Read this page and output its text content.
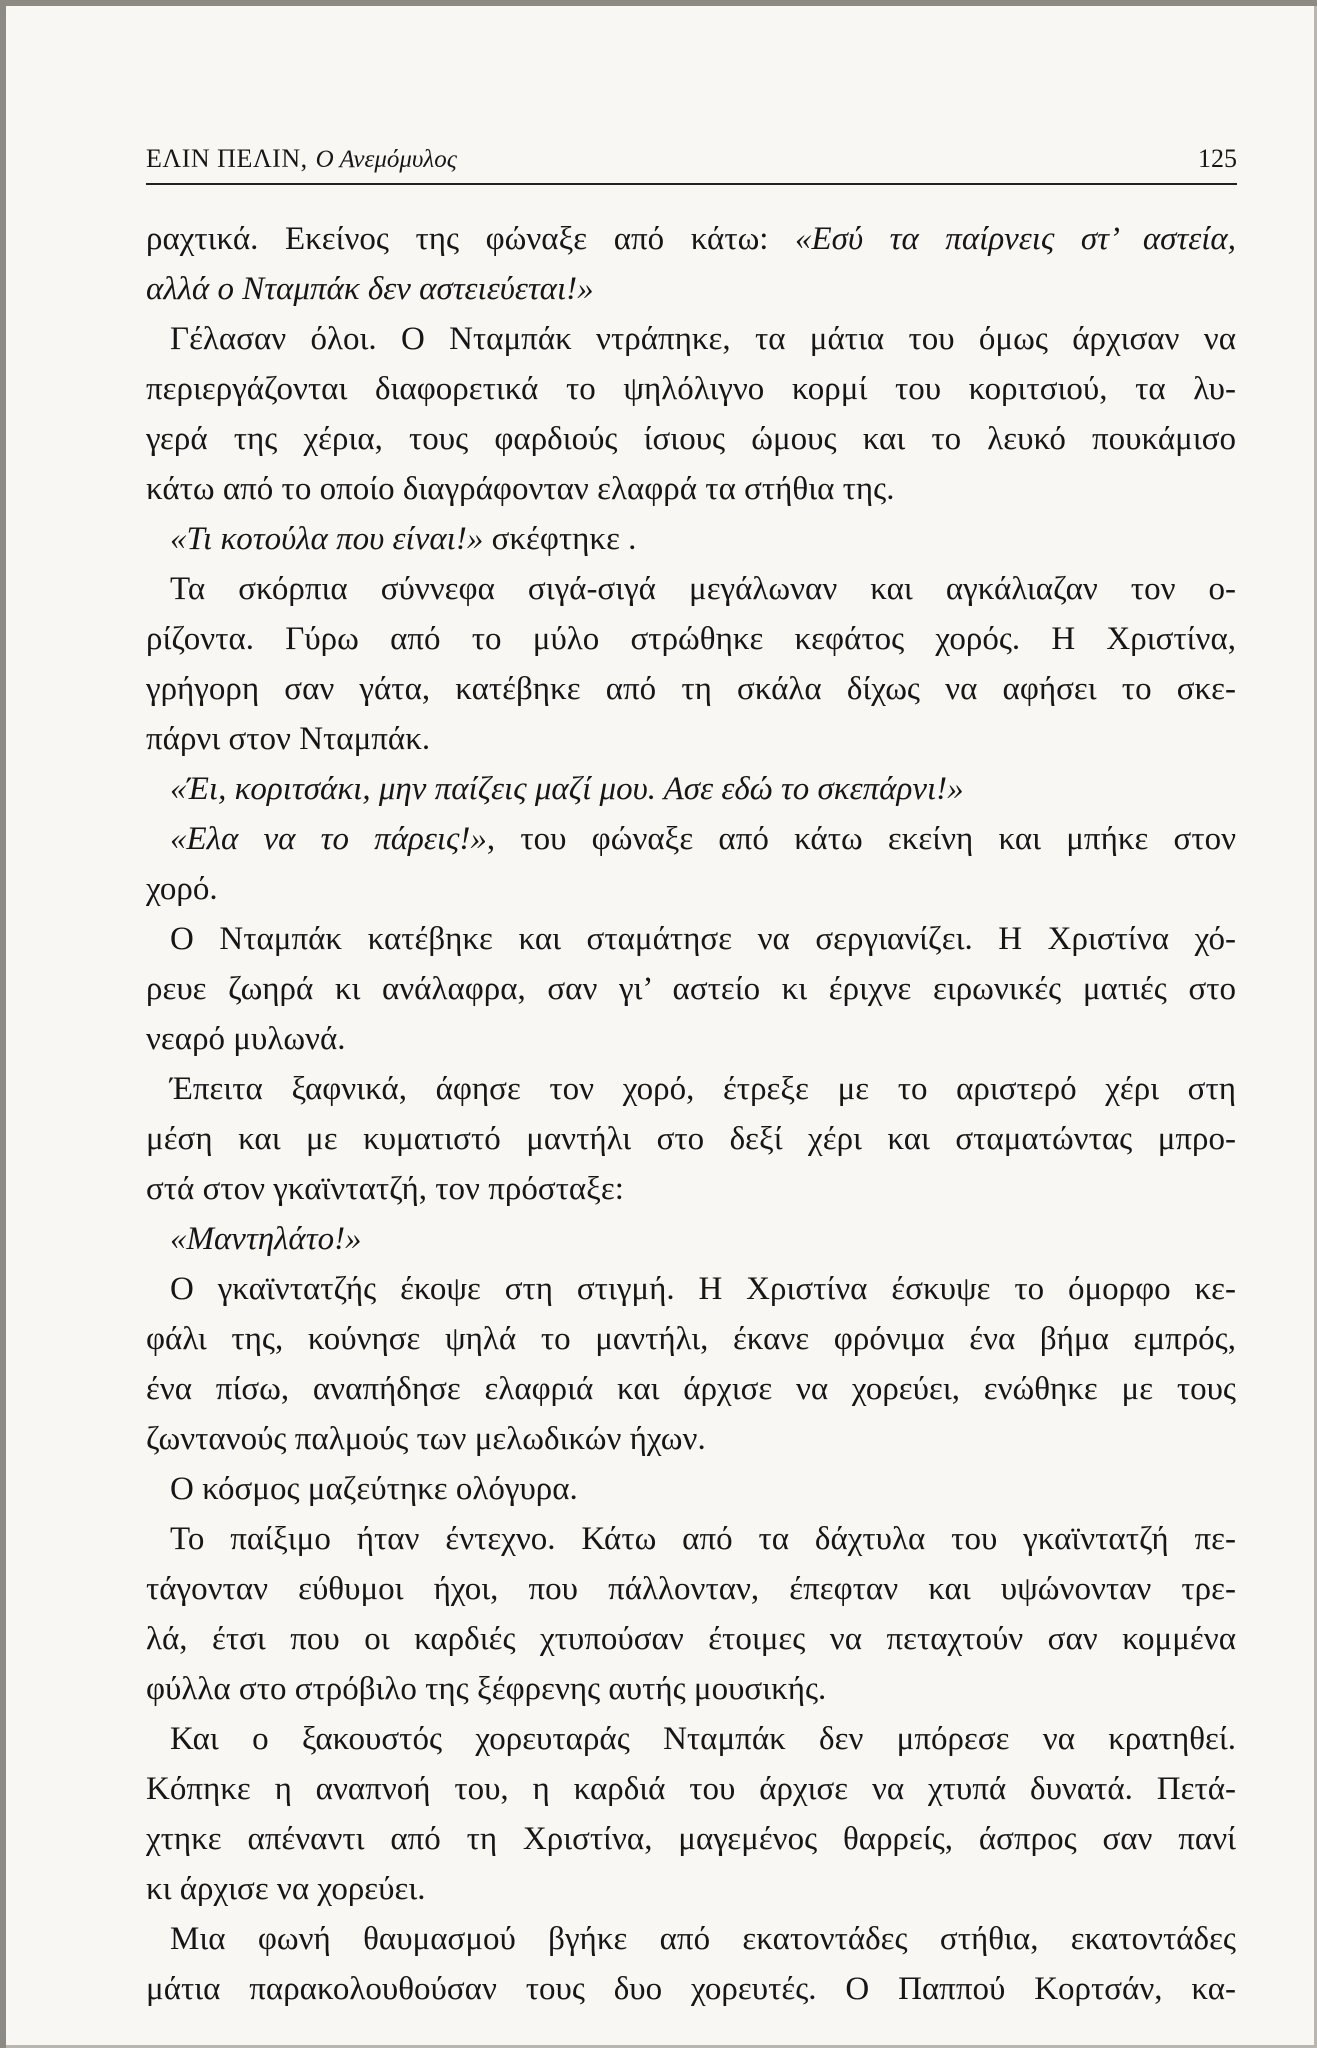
ΕΛΙΝ ΠΕΛΙΝ, Ο Ανεμόμυλος	125
ραχτικά. Εκείνος της φώναξε από κάτω: «Εσύ τα παίρνεις στ’ αστεία,
αλλά ο Νταμπάκ δεν αστειεύεται!»
Γέλασαν όλοι. Ο Νταμπάκ ντράπηκε, τα μάτια του όμως άρχισαν να
περιεργάζονται διαφορετικά το ψηλόλιγνο κορμί του κοριτσιού, τα λυ-
γερά της χέρια, τους φαρδιούς ίσιους ώμους και το λευκό πουκάμισο
κάτω από το οποίο διαγράφονταν ελαφρά τα στήθια της.
«Τι κοτούλα που είναι!» σκέφτηκε .
Τα σκόρπια σύννεφα σιγά-σιγά μεγάλωναν και αγκάλιαζαν τον ο-
ρίζοντα. Γύρω από το μύλο στρώθηκε κεφάτος χορός. Η Χριστίνα,
γρήγορη σαν γάτα, κατέβηκε από τη σκάλα δίχως να αφήσει το σκε-
πάρνι στον Νταμπάκ.
«Έι, κοριτσάκι, μην παίζεις μαζί μου. Ασε εδώ το σκεπάρνι!»
«Ελα να το πάρεις!», του φώναξε από κάτω εκείνη και μπήκε στον
χορό.
Ο Νταμπάκ κατέβηκε και σταμάτησε να σεργιανίζει. Η Χριστίνα χό-
ρευε ζωηρά κι ανάλαφρα, σαν γι’ αστείο κι έριχνε ειρωνικές ματιές στο
νεαρό μυλωνά.
Έπειτα ξαφνικά, άφησε τον χορό, έτρεξε με το αριστερό χέρι στη
μέση και με κυματιστό μαντήλι στο δεξί χέρι και σταματώντας μπρο-
στά στον γκαϊντατζή, τον πρόσταξε:
«Μαντηλάτο!»
Ο γκαϊντατζής έκοψε στη στιγμή. Η Χριστίνα έσκυψε το όμορφο κε-
φάλι της, κούνησε ψηλά το μαντήλι, έκανε φρόνιμα ένα βήμα εμπρός,
ένα πίσω, αναπήδησε ελαφριά και άρχισε να χορεύει, ενώθηκε με τους
ζωντανούς παλμούς των μελωδικών ήχων.
Ο κόσμος μαζεύτηκε ολόγυρα.
Το παίξιμο ήταν έντεχνο. Κάτω από τα δάχτυλα του γκαϊντατζή πε-
τάγονταν εύθυμοι ήχοι, που πάλλονταν, έπεφταν και υψώνονταν τρε-
λά, έτσι που οι καρδιές χτυπούσαν έτοιμες να πεταχτούν σαν κομμένα
φύλλα στο στρόβιλο της ξέφρενης αυτής μουσικής.
Και ο ξακουστός χορευταράς Νταμπάκ δεν μπόρεσε να κρατηθεί.
Κόπηκε η αναπνοή του, η καρδιά του άρχισε να χτυπά δυνατά. Πετά-
χτηκε απέναντι από τη Χριστίνα, μαγεμένος θαρρείς, άσπρος σαν πανί
κι άρχισε να χορεύει.
Μια φωνή θαυμασμού βγήκε από εκατοντάδες στήθια, εκατοντάδες
μάτια παρακολουθούσαν τους δυο χορευτές. Ο Παππού Κορτσάν, κα-
